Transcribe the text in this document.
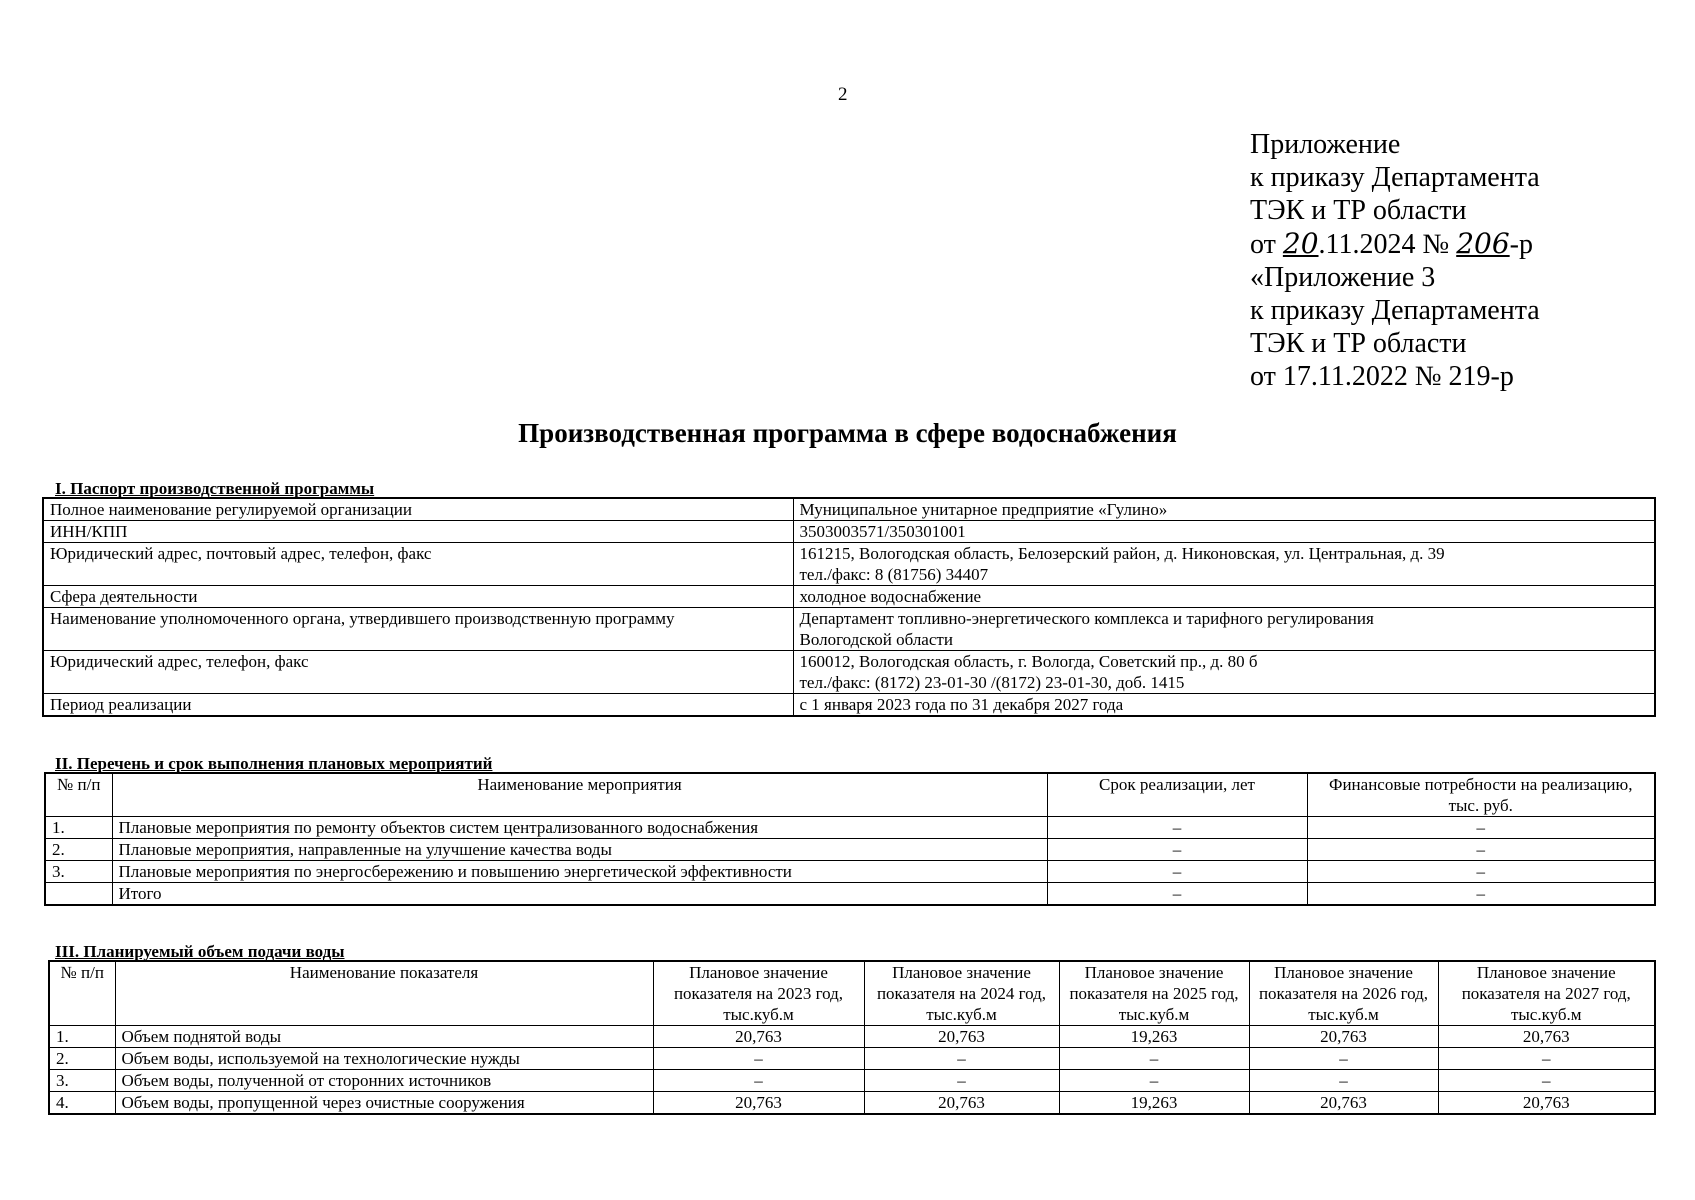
2
Приложение
к приказу Департамента
ТЭК и ТР области
от 20.11.2024 № 206-р
«Приложение 3
к приказу Департамента
ТЭК и ТР области
от 17.11.2022 № 219-р
Производственная программа в сфере водоснабжения
I. Паспорт производственной программы
Полное наименование регулируемой организации	Муниципальное унитарное предприятие «Гулино»

ИНН/КПП	3503003571/350301001

Юридический адрес, почтовый адрес, телефон, факс	161215, Вологодская область, Белозерский район, д. Никоновская, ул. Центральная, д. 39
тел./факс: 8 (81756) 34407

Сфера деятельности	холодное водоснабжение

Наименование уполномоченного органа, утвердившего производственную программу	Департамент топливно-энергетического комплекса и тарифного регулирования
Вологодской области

Юридический адрес, телефон, факс	160012, Вологодская область, г. Вологда, Советский пр., д. 80 б
тел./факс: (8172) 23-01-30 /(8172) 23-01-30, доб. 1415

Период реализации	с 1 января 2023 года по 31 декабря 2027 года
II. Перечень и срок выполнения плановых мероприятий
№ п/п	Наименование мероприятия	Срок реализации, лет	Финансовые потребности на реализацию, тыс. руб.
1.	Плановые мероприятия по ремонту объектов систем централизованного водоснабжения	–	–
2.	Плановые мероприятия, направленные на улучшение качества воды	–	–
3.	Плановые мероприятия по энергосбережению и повышению энергетической эффективности	–	–
	Итого	–	–
III. Планируемый объем подачи воды
№ п/п	Наименование показателя	Плановое значение показателя на 2023 год, тыс.куб.м	Плановое значение показателя на 2024 год, тыс.куб.м	Плановое значение показателя на 2025 год, тыс.куб.м	Плановое значение показателя на 2026 год, тыс.куб.м	Плановое значение показателя на 2027 год, тыс.куб.м
1.	Объем поднятой воды	20,763	20,763	19,263	20,763	20,763
2.	Объем воды, используемой на технологические нужды	–	–	–	–	–
3.	Объем воды, полученной от сторонних источников	–	–	–	–	–
4.	Объем воды, пропущенной через очистные сооружения	20,763	20,763	19,263	20,763	20,763
